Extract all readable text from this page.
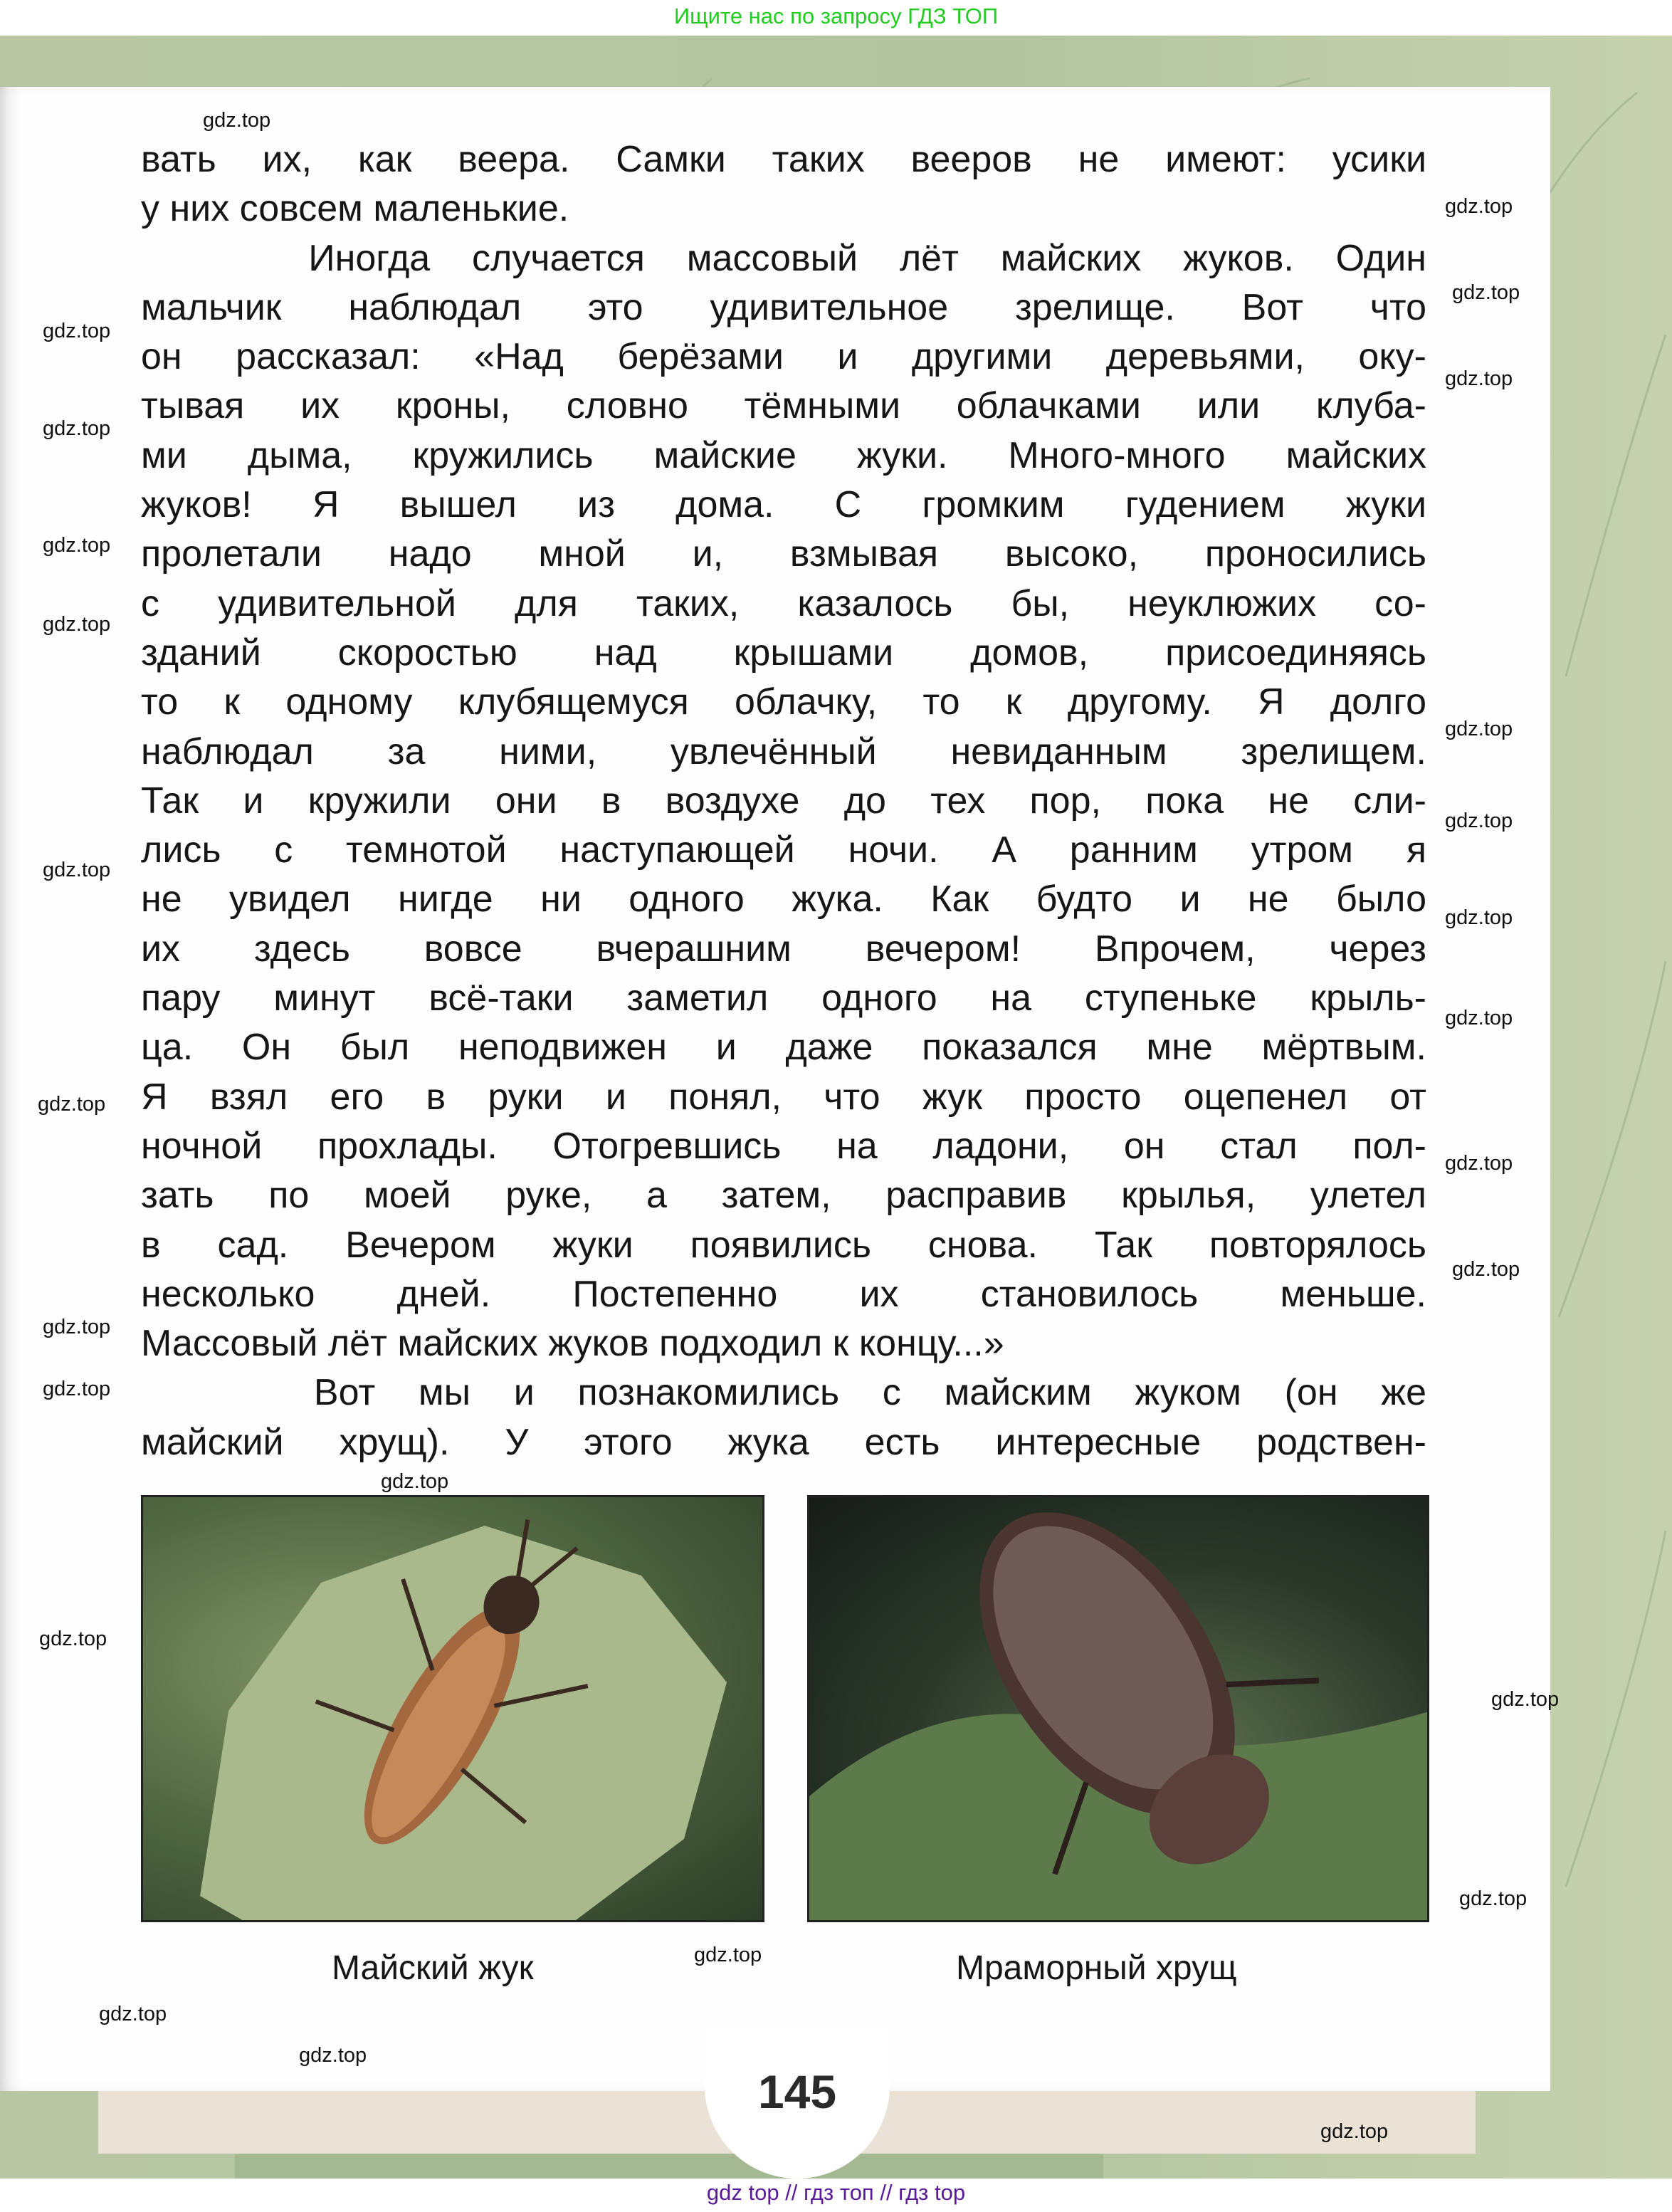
Ищите нас по запросу ГДЗ ТОП
вать их, как веера. Самки таких вееров не имеют: усики
у них совсем маленькие.
Иногда случается массовый лёт майских жуков. Один
мальчик наблюдал это удивительное зрелище. Вот что
он рассказал: «Над берёзами и другими деревьями, оку-
тывая их кроны, словно тёмными облачками или клуба-
ми дыма, кружились майские жуки. Много-много майских
жуков! Я вышел из дома. С громким гудением жуки
пролетали надо мной и, взмывая высоко, проносились
с удивительной для таких, казалось бы, неуклюжих со-
зданий скоростью над крышами домов, присоединяясь
то к одному клубящемуся облачку, то к другому. Я долго
наблюдал за ними, увлечённый невиданным зрелищем.
Так и кружили они в воздухе до тех пор, пока не сли-
лись с темнотой наступающей ночи. А ранним утром я
не увидел нигде ни одного жука. Как будто и не было
их здесь вовсе вчерашним вечером! Впрочем, через
пару минут всё-таки заметил одного на ступеньке крыль-
ца. Он был неподвижен и даже показался мне мёртвым.
Я взял его в руки и понял, что жук просто оцепенел от
ночной прохлады. Отогревшись на ладони, он стал пол-
зать по моей руке, а затем, расправив крылья, улетел
в сад. Вечером жуки появились снова. Так повторялось
несколько дней. Постепенно их становилось меньше.
Массовый лёт майских жуков подходил к концу...»
Вот мы и познакомились с майским жуком (он же
майский хрущ). У этого жука есть интересные родствен-
Майский жук	Мраморный хрущ
145
gdz.top
gdz.top
gdz.top
gdz.top
gdz.top
gdz.top
gdz.top
gdz.top
gdz.top
gdz.top
gdz.top
gdz.top
gdz.top
gdz.top
gdz.top
gdz.top
gdz.top
gdz.top
gdz.top
gdz.top
gdz.top
gdz.top
gdz.top
gdz.top
gdz.top
gdz.top
gdz top // гдз топ // гдз top
